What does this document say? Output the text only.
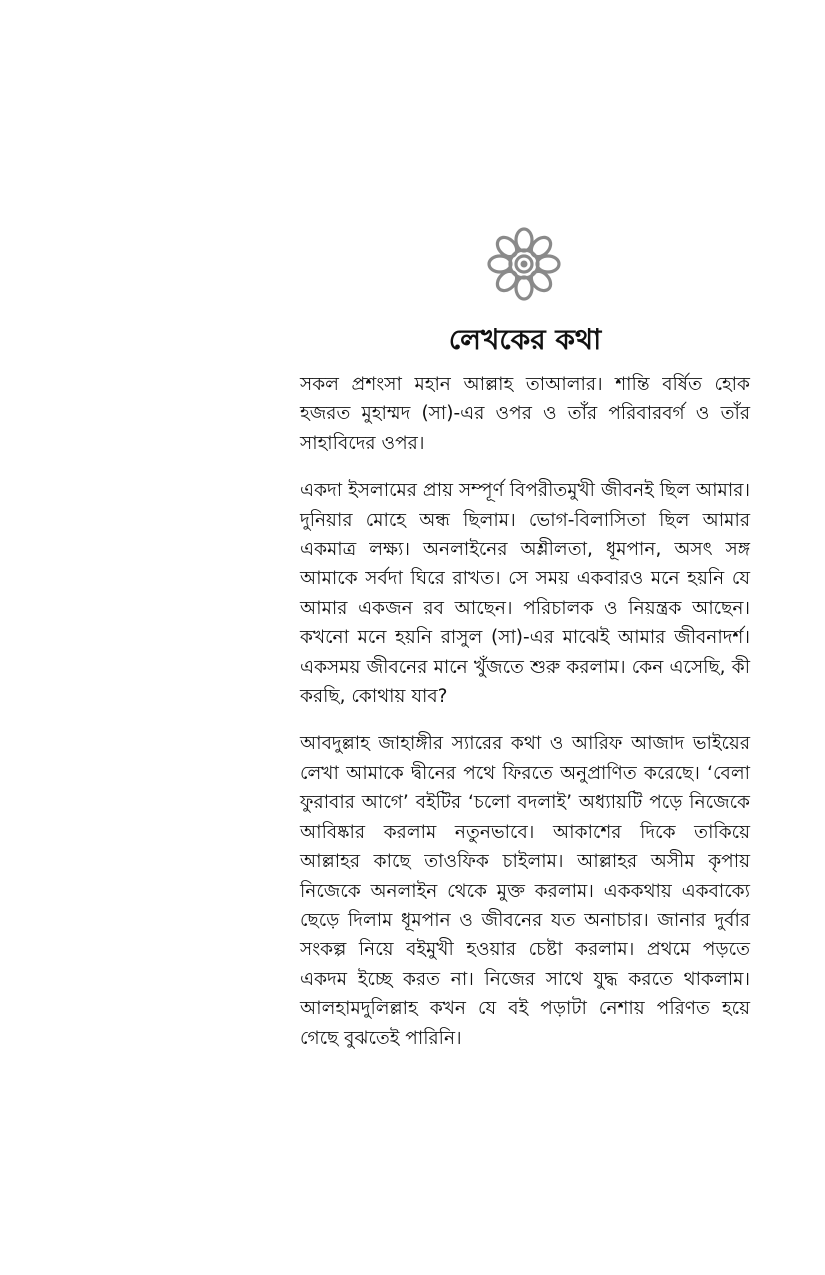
লেখকের কথা

সকল প্রশংসা মহান আল্লাহ তাআলার। শান্তি বর্ষিত হোক হজরত মুহাম্মদ (সা)-এর ওপর ও তাঁর পরিবারবর্গ ও তাঁর সাহাবিদের ওপর।

একদা ইসলামের প্রায় সম্পূর্ণ বিপরীতমুখী জীবনই ছিল আমার। দুনিয়ার মোহে অন্ধ ছিলাম। ভোগ-বিলাসিতা ছিল আমার একমাত্র লক্ষ্য। অনলাইনের অশ্লীলতা, ধূমপান, অসৎ সঙ্গ আমাকে সর্বদা ঘিরে রাখত। সে সময় একবারও মনে হয়নি যে আমার একজন রব আছেন। পরিচালক ও নিয়ন্ত্রক আছেন। কখনো মনে হয়নি রাসুল (সা)-এর মাঝেই আমার জীবনাদর্শ। একসময় জীবনের মানে খুঁজতে শুরু করলাম। কেন এসেছি, কী করছি, কোথায় যাব?

আবদুল্লাহ জাহাঙ্গীর স্যারের কথা ও আরিফ আজাদ ভাইয়ের লেখা আমাকে দ্বীনের পথে ফিরতে অনুপ্রাণিত করেছে। ‘বেলা ফুরাবার আগে’ বইটির ‘চলো বদলাই’ অধ্যায়টি পড়ে নিজেকে আবিষ্কার করলাম নতুনভাবে। আকাশের দিকে তাকিয়ে আল্লাহর কাছে তাওফিক চাইলাম। আল্লাহর অসীম কৃপায় নিজেকে অনলাইন থেকে মুক্ত করলাম। এককথায় একবাক্যে ছেড়ে দিলাম ধূমপান ও জীবনের যত অনাচার। জানার দুর্বার সংকল্প নিয়ে বইমুখী হওয়ার চেষ্টা করলাম। প্রথমে পড়তে একদম ইচ্ছে করত না। নিজের সাথে যুদ্ধ করতে থাকলাম। আলহামদুলিল্লাহ কখন যে বই পড়াটা নেশায় পরিণত হয়ে গেছে বুঝতেই পারিনি।
